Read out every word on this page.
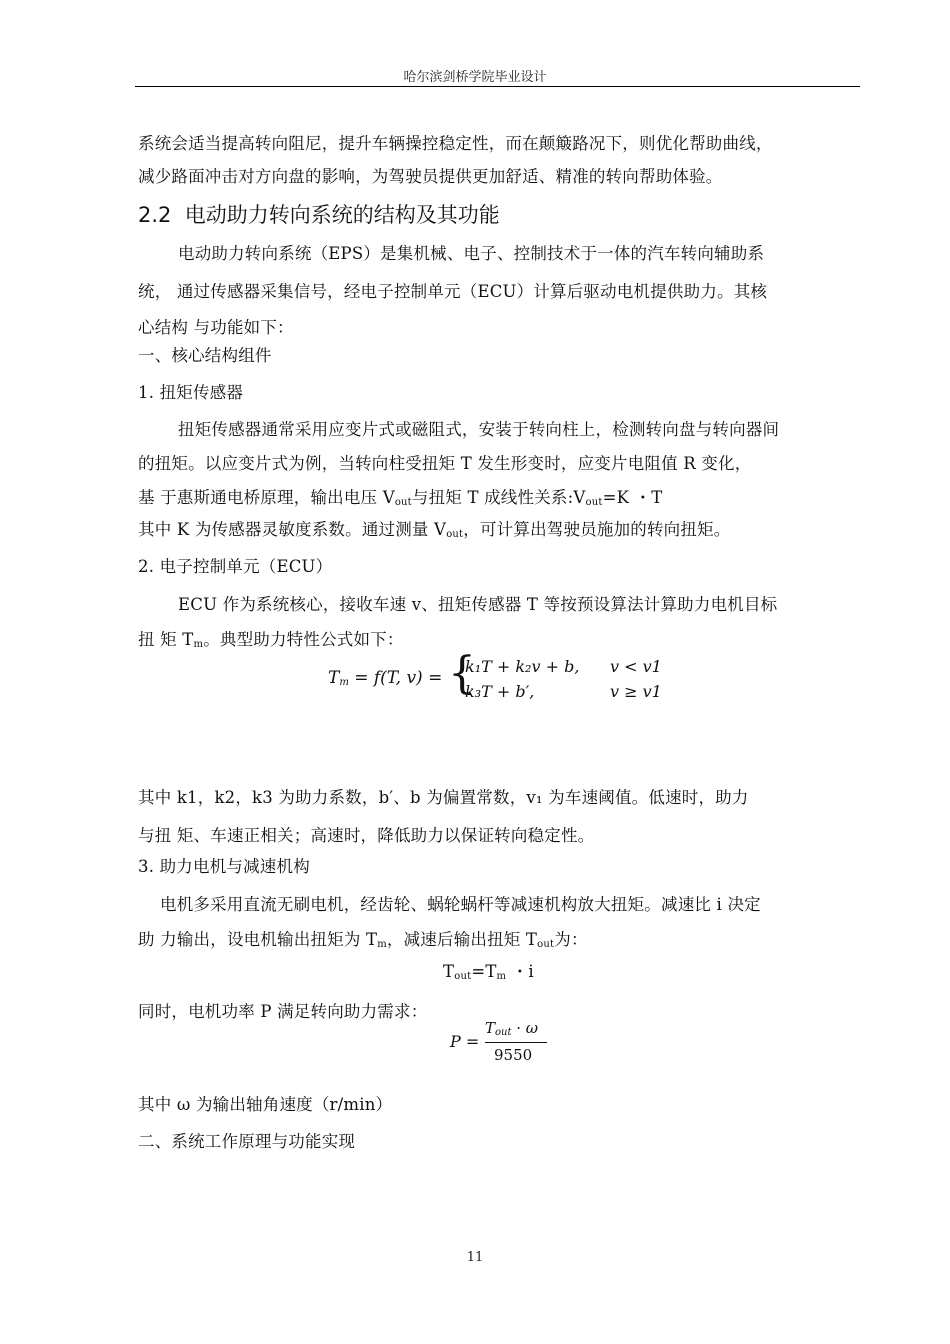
哈尔滨剑桥学院毕业设计
系统会适当提高转向阻尼，提升车辆操控稳定性，而在颠簸路况下，则优化帮助曲线，
减少路面冲击对方向盘的影响，为驾驶员提供更加舒适、精准的转向帮助体验。
2.2 电动助力转向系统的结构及其功能
电动助力转向系统（EPS）是集机械、电子、控制技术于一体的汽车转向辅助系
统， 通过传感器采集信号，经电子控制单元（ECU）计算后驱动电机提供助力。其核
心结构 与功能如下：
一、核心结构组件
1. 扭矩传感器
扭矩传感器通常采用应变片式或磁阻式，安装于转向柱上，检测转向盘与转向器间
的扭矩。以应变片式为例，当转向柱受扭矩 T 发生形变时，应变片电阻值 R 变化，
基 于惠斯通电桥原理，输出电压 $V_{out}$与扭矩 T 成线性关系$:V_{out}=K$ ・T
其中 K 为传感器灵敏度系数。通过测量 $V_{out}$，可计算出驾驶员施加的转向扭矩。
2. 电子控制单元（ECU）
ECU 作为系统核心，接收车速 v、扭矩传感器 T 等按预设算法计算助力电机目标
扭 矩 $T_m$。典型助力特性公式如下：
$T_m = f(T$, v) = {
k₁T + k₂v + b, v < v1
k₃T + b′,	v ≥ v1
其中 k1，k2，k3 为助力系数，b′、b 为偏置常数，v₁ 为车速阈值。低速时，助力
与扭 矩、车速正相关；高速时，降低助力以保证转向稳定性。
3. 助力电机与减速机构
电机多采用直流无刷电机，经齿轮、蜗轮蜗杆等减速机构放大扭矩。减速比 i 决定
助 力输出，设电机输出扭矩为 $T_m$，减速后输出扭矩 $T_{out}$为：
$T_{out}=T_m$ ・i
同时，电机功率 P 满足转向助力需求：
P =
$T_{out} \cdot \omega$
9550
其中 ω 为输出轴角速度（r/min）
二、系统工作原理与功能实现
11
